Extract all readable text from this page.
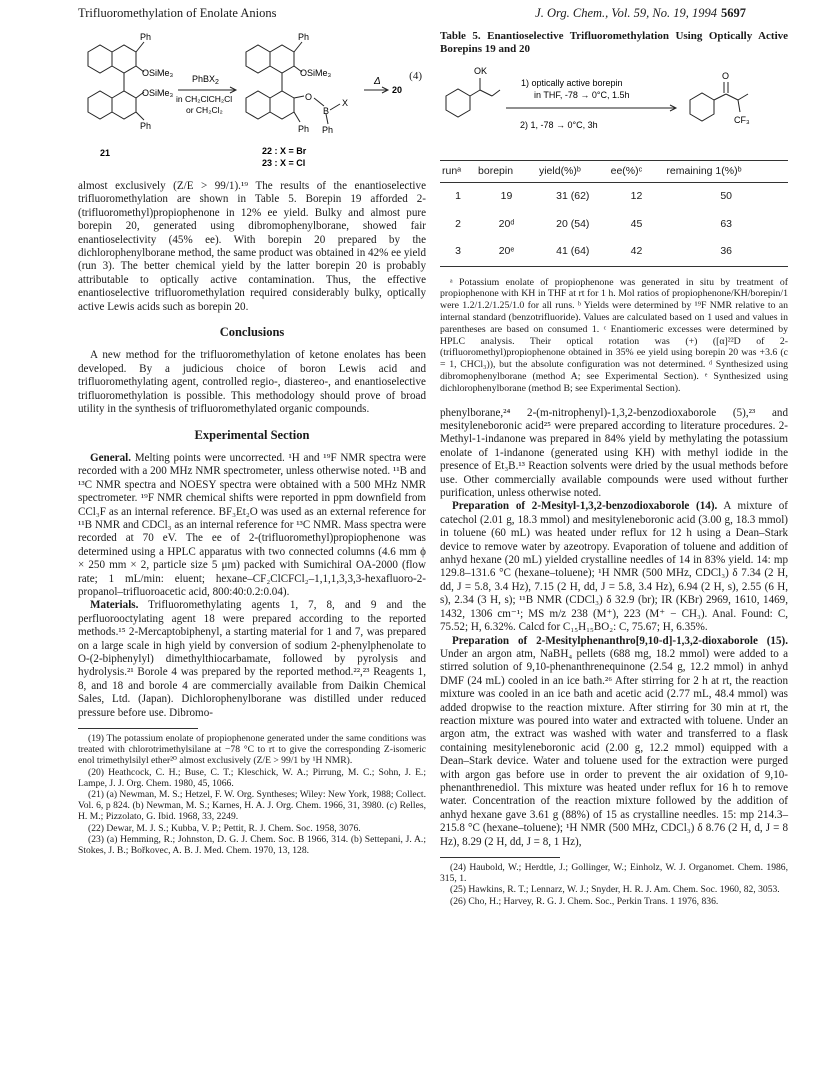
Trifluoromethylation of Enolate Anions	J. Org. Chem., Vol. 59, No. 19, 1994 5697
Ph
OSiMe₃
OSiMe₃
Ph
21
PhBX$_2$
in CH₂ClCH₂Cl
or CH₂Cl₂
Ph
OSiMe₃
O
B
X
Ph Ph
22 : X = Br
23 : X = Cl
Δ
20
(4)

almost exclusively (Z/E > 99/1).¹⁹ The results of the enantioselective trifluoromethylation are shown in Table 5. Borepin 19 afforded 2-(trifluoromethyl)propiophenone in 12% ee yield. Bulky and almost pure borepin 20, generated using dibromophenylborane, showed fair enantioselectivity (45% ee). With borepin 20 prepared by the dichlorophenylborane method, the same product was obtained in 42% ee yield (run 3). The better chemical yield by the latter borepin 20 is probably attributable to optically active contamination. Thus, the effective enantioselective trifluoromethylation required considerably bulky, optically active Lewis acids such as borepin 20.

Conclusions

A new method for the trifluoromethylation of ketone enolates has been developed. By a judicious choice of boron Lewis acid and trifluoromethylating agent, controlled regio-, diastereo-, and enantioselective trifluoromethylation is possible. This methodology should prove of broad utility in the synthesis of trifluoromethylated organic compounds.

Experimental Section

General. Melting points were uncorrected. ¹H and ¹⁹F NMR spectra were recorded with a 200 MHz NMR spectrometer, unless otherwise noted. ¹¹B and ¹³C NMR spectra and NOESY spectra were obtained with a 500 MHz NMR spectrometer. ¹⁹F NMR chemical shifts were reported in ppm downfield from CCl₃F as an internal reference. BF₃Et₂O was used as an external reference for ¹¹B NMR and CDCl₃ as an internal reference for ¹³C NMR. Mass spectra were recorded at 70 eV. The ee of 2-(trifluoromethyl)propiophenone was determined using a HPLC apparatus with two connected columns (4.6 mm ϕ × 250 mm × 2, particle size 5 μm) packed with Sumichiral OA-2000 (flow rate; 1 mL/min: eluent; hexane–CF₂ClCFCl₂–1,1,1,3,3,3-hexafluoro-2-propanol–trifluoroacetic acid, 800:40:0.2:0.04).

Materials. Trifluoromethylating agents 1, 7, 8, and 9 and the perfluorooctylating agent 18 were prepared according to the reported methods.¹⁵ 2-Mercaptobiphenyl, a starting material for 1 and 7, was prepared on a large scale in high yield by conversion of sodium 2-phenylphenolate to O-(2-biphenylyl) dimethylthiocarbamate, followed by pyrolysis and hydrolysis.²¹ Borole 4 was prepared by the reported method.²²,²³ Reagents 1, 8, and 18 and borole 4 are commercially available from Daikin Chemical Sales, Ltd. (Japan). Dichlorophenylborane was distilled under reduced pressure before use. Dibromo-

(19) The potassium enolate of propiophenone generated under the same conditions was treated with chlorotrimethylsilane at −78 °C to rt to give the corresponding Z-isomeric enol trimethylsilyl ether²⁰ almost exclusively (Z/E > 99/1 by ¹H NMR).

(20) Heathcock, C. H.; Buse, C. T.; Kleschick, W. A.; Pirrung, M. C.; Sohn, J. E.; Lampe, J. J. Org. Chem. 1980, 45, 1066.

(21) (a) Newman, M. S.; Hetzel, F. W. Org. Syntheses; Wiley: New York, 1988; Collect. Vol. 6, p 824. (b) Newman, M. S.; Karnes, H. A. J. Org. Chem. 1966, 31, 3980. (c) Relles, H. M.; Pizzolato, G. Ibid. 1968, 33, 2249.

(22) Dewar, M. J. S.; Kubba, V. P.; Pettit, R. J. Chem. Soc. 1958, 3076.

(23) (a) Hemming, R.; Johnston, D. G. J. Chem. Soc. B 1966, 314. (b) Settepani, J. A.; Stokes, J. B.; Bořkovec, A. B. J. Med. Chem. 1970, 13, 128.

Table 5. Enantioselective Trifluoromethylation Using Optically Active Borepins 19 and 20
OK
1) optically active borepin
in THF, -78 → 0°C, 1.5h
2) 1, -78 → 0°C, 3h
O
CF₃
runᵃ	borepin	yield(%)ᵇ	ee(%)ᶜ	remaining 1(%)ᵇ
1	19	31 (62)	12	50
2	20ᵈ	20 (54)	45	63
3	20ᵉ	41 (64)	42	36

ᵃ Potassium enolate of propiophenone was generated in situ by treatment of propiophenone with KH in THF at rt for 1 h. Mol ratios of propiophenone/KH/borepin/1 were 1.2/1.2/1.25/1.0 for all runs. ᵇ Yields were determined by ¹⁹F NMR relative to an internal standard (benzotrifluoride). Values are calculated based on 1 used and values in parentheses are based on consumed 1. ᶜ Enantiomeric excesses were determined by HPLC analysis. Their optical rotation was (+) ([α]²²D of 2-(trifluoromethyl)propiophenone obtained in 35% ee yield using borepin 20 was +3.6 (c = 1, CHCl₃)), but the absolute configuration was not determined. ᵈ Synthesized using dibromophenylborane (method A; see Experimental Section). ᵉ Synthesized using dichlorophenylborane (method B; see Experimental Section).

phenylborane,²⁴ 2-(m-nitrophenyl)-1,3,2-benzodioxaborole (5),²³ and mesityleneboronic acid²⁵ were prepared according to literature procedures. 2-Methyl-1-indanone was prepared in 84% yield by methylating the potassium enolate of 1-indanone (generated using KH) with methyl iodide in the presence of Et₃B.¹³ Reaction solvents were dried by the usual methods before use. Other commercially available compounds were used without further purification, unless otherwise noted.

Preparation of 2-Mesityl-1,3,2-benzodioxaborole (14). A mixture of catechol (2.01 g, 18.3 mmol) and mesityleneboronic acid (3.00 g, 18.3 mmol) in toluene (60 mL) was heated under reflux for 12 h using a Dean–Stark device to remove water by azeotropy. Evaporation of toluene and addition of anhyd hexane (20 mL) yielded crystalline needles of 14 in 83% yield. 14: mp 129.8–131.6 °C (hexane–toluene); ¹H NMR (500 MHz, CDCl₃) δ 7.34 (2 H, dd, J = 5.8, 3.4 Hz), 7.15 (2 H, dd, J = 5.8, 3.4 Hz), 6.94 (2 H, s), 2.55 (6 H, s), 2.34 (3 H, s); ¹¹B NMR (CDCl₃) δ 32.9 (br); IR (KBr) 2969, 1610, 1469, 1432, 1306 cm⁻¹; MS m/z 238 (M⁺), 223 (M⁺ − CH₃). Anal. Found: C, 75.52; H, 6.32%. Calcd for C₁₅H₁₅BO₂: C, 75.67; H, 6.35%.

Preparation of 2-Mesitylphenanthro[9,10-d]-1,3,2-dioxaborole (15). Under an argon atm, NaBH₄ pellets (688 mg, 18.2 mmol) were added to a stirred solution of 9,10-phenanthrenequinone (2.54 g, 12.2 mmol) in anhyd DMF (24 mL) cooled in an ice bath.²⁶ After stirring for 2 h at rt, the reaction mixture was cooled in an ice bath and acetic acid (2.77 mL, 48.4 mmol) was added dropwise to the reaction mixture. After stirring for 30 min at rt, the reaction mixture was poured into water and extracted with toluene. Under an argon atm, the extract was washed with water and transferred to a flask containing mesityleneboronic acid (2.00 g, 12.2 mmol) equipped with a Dean–Stark device. Water and toluene used for the extraction were purged with argon gas before use in order to prevent the air oxidation of 9,10-phenanthrenediol. This mixture was heated under reflux for 16 h to remove water. Concentration of the reaction mixture followed by the addition of anhyd hexane gave 3.61 g (88%) of 15 as crystalline needles. 15: mp 214.3–215.8 °C (hexane–toluene); ¹H NMR (500 MHz, CDCl₃) δ 8.76 (2 H, d, J = 8 Hz), 8.29 (2 H, dd, J = 8, 1 Hz),

(24) Haubold, W.; Herdtle, J.; Gollinger, W.; Einholz, W. J. Organomet. Chem. 1986, 315, 1.

(25) Hawkins, R. T.; Lennarz, W. J.; Snyder, H. R. J. Am. Chem. Soc. 1960, 82, 3053.

(26) Cho, H.; Harvey, R. G. J. Chem. Soc., Perkin Trans. 1 1976, 836.
